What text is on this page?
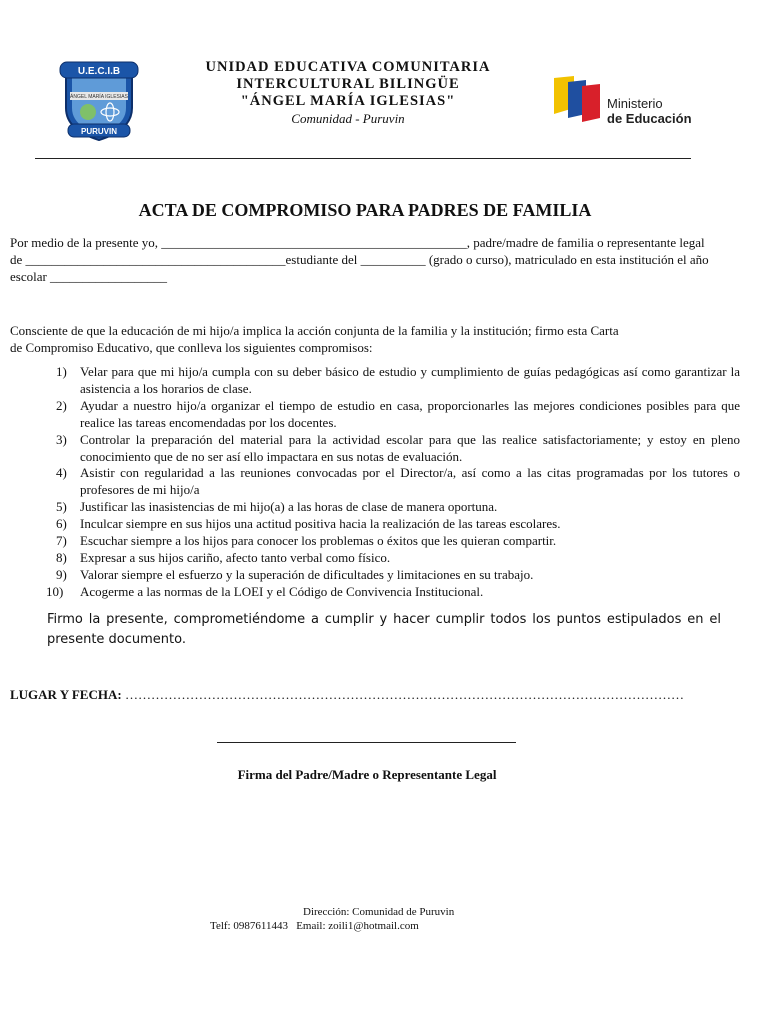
U.E.C.I.B
ÁNGEL MARÍA IGLESIAS
PURUVIN
UNIDAD EDUCATIVA COMUNITARIA
INTERCULTURAL BILINGÜE
"ÁNGEL MARÍA IGLESIAS"
Comunidad - Puruvin
Ministerio
de Educación
ACTA DE COMPROMISO PARA PADRES DE FAMILIA
Por medio de la presente yo, _______________________________________________, padre/madre de familia o representante legal
de ________________________________________estudiante del __________ (grado o curso), matriculado en esta institución el año
escolar __________________
Consciente de que la educación de mi hijo/a implica la acción conjunta de la familia y la institución; firmo esta Carta
de Compromiso Educativo, que conlleva los siguientes compromisos:
1) Velar para que mi hijo/a cumpla con su deber básico de estudio y cumplimiento de guías pedagógicas así como garantizar la asistencia a los horarios de clase.
2) Ayudar a nuestro hijo/a organizar el tiempo de estudio en casa, proporcionarles las mejores condiciones posibles para que realice las tareas encomendadas por los docentes.
3) Controlar la preparación del material para la actividad escolar para que las realice satisfactoriamente; y estoy en pleno conocimiento que de no ser así ello impactara en sus notas de evaluación.
4) Asistir con regularidad a las reuniones convocadas por el Director/a, así como a las citas programadas por los tutores o profesores de mi hijo/a
5) Justificar las inasistencias de mi hijo(a) a las horas de clase de manera oportuna.
6) Inculcar siempre en sus hijos una actitud positiva hacia la realización de las tareas escolares.
7) Escuchar siempre a los hijos para conocer los problemas o éxitos que les quieran compartir.
8) Expresar a sus hijos cariño, afecto tanto verbal como físico.
9) Valorar siempre el esfuerzo y la superación de dificultades y limitaciones en su trabajo.
10) Acogerme a las normas de la LOEI y el Código de Convivencia Institucional.
Firmo la presente, comprometiéndome a cumplir y hacer cumplir todos los puntos estipulados en el presente documento.
LUGAR Y FECHA: …………………………………………………………………………………………………………………
Firma del Padre/Madre o Representante Legal
Dirección: Comunidad de Puruvin
Telf: 0987611443   Email: zoili1@hotmail.com
